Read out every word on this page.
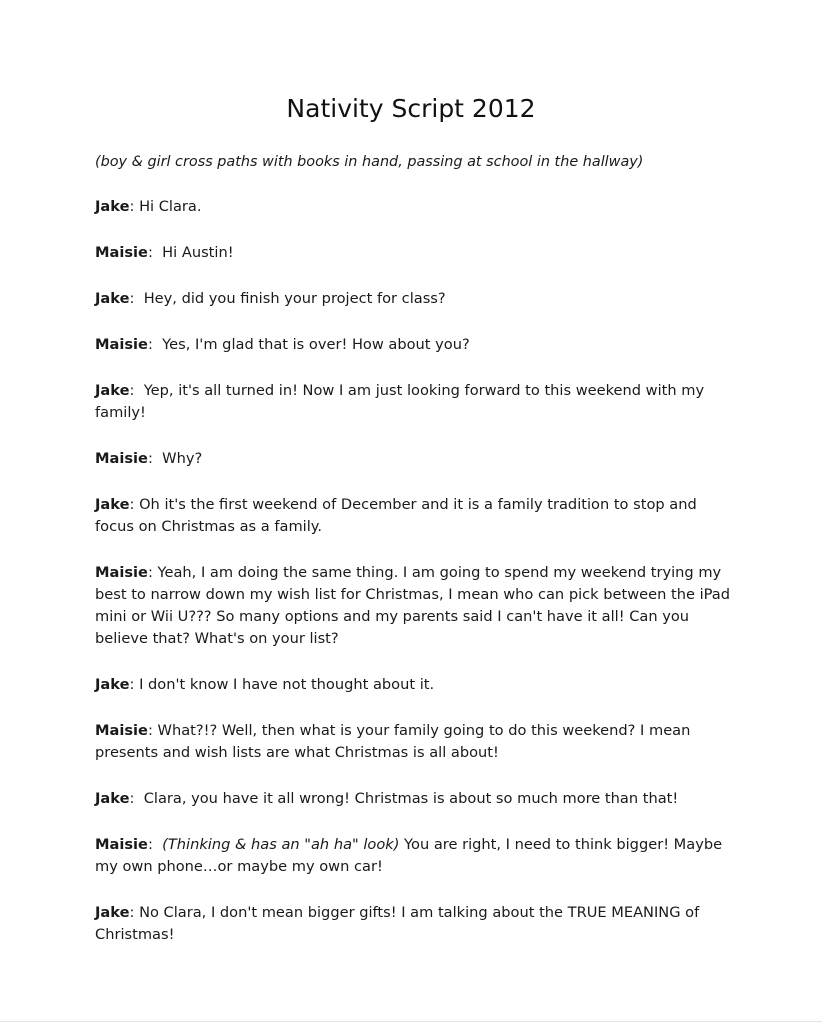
Nativity Script 2012
(boy & girl cross paths with books in hand, passing at school in the hallway)
Jake: Hi Clara.
Maisie:  Hi Austin!
Jake:  Hey, did you finish your project for class?
Maisie:  Yes, I'm glad that is over! How about you?
Jake:  Yep, it's all turned in! Now I am just looking forward to this weekend with my family!
Maisie:  Why?
Jake: Oh it's the first weekend of December and it is a family tradition to stop and focus on Christmas as a family.
Maisie: Yeah, I am doing the same thing. I am going to spend my weekend trying my best to narrow down my wish list for Christmas, I mean who can pick between the iPad mini or Wii U??? So many options and my parents said I can't have it all! Can you believe that? What's on your list?
Jake: I don't know I have not thought about it.
Maisie: What?!? Well, then what is your family going to do this weekend? I mean presents and wish lists are what Christmas is all about!
Jake:  Clara, you have it all wrong! Christmas is about so much more than that!
Maisie:  (Thinking & has an "ah ha" look) You are right, I need to think bigger! Maybe my own phone…or maybe my own car!
Jake: No Clara, I don't mean bigger gifts! I am talking about the TRUE MEANING of Christmas!
